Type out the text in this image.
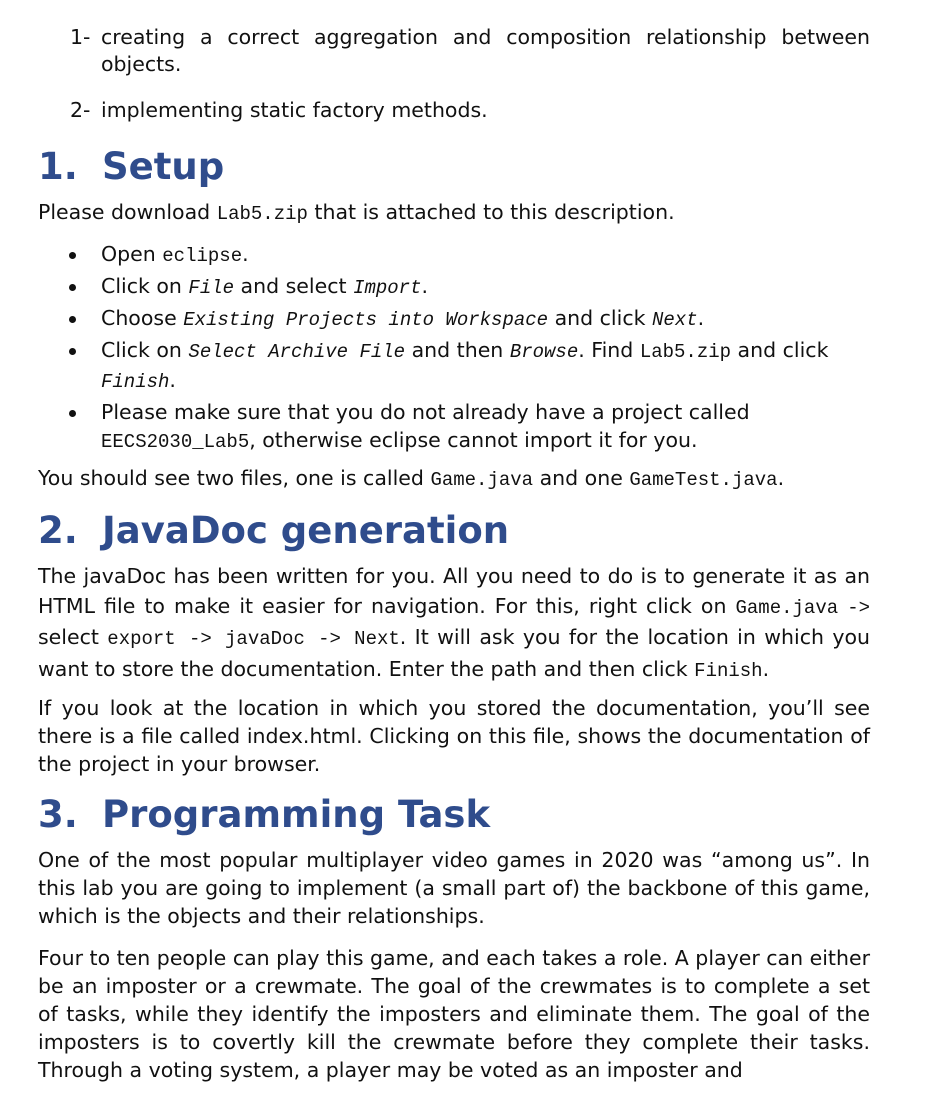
1- creating a correct aggregation and composition relationship between objects.
2- implementing static factory methods.
1. Setup

Please download Lab5.zip that is attached to this description.

Open eclipse.
Click on File and select Import.
Choose Existing Projects into Workspace and click Next.
Click on Select Archive File and then Browse. Find Lab5.zip and click Finish.
Please make sure that you do not already have a project called EECS2030_Lab5, otherwise eclipse cannot import it for you.

You should see two files, one is called Game.java and one GameTest.java.

2. JavaDoc generation

The javaDoc has been written for you. All you need to do is to generate it as an HTML file to make it easier for navigation. For this, right click on Game.java -> select export -> javaDoc -> Next. It will ask you for the location in which you want to store the documentation. Enter the path and then click Finish.

If you look at the location in which you stored the documentation, you’ll see there is a file called index.html. Clicking on this file, shows the documentation of the project in your browser.

3. Programming Task

One of the most popular multiplayer video games in 2020 was “among us”. In this lab you are going to implement (a small part of) the backbone of this game, which is the objects and their relationships.

Four to ten people can play this game, and each takes a role. A player can either be an imposter or a crewmate. The goal of the crewmates is to complete a set of tasks, while they identify the imposters and eliminate them. The goal of the imposters is to covertly kill the crewmate before they complete their tasks. Through a voting system, a player may be voted as an imposter and
